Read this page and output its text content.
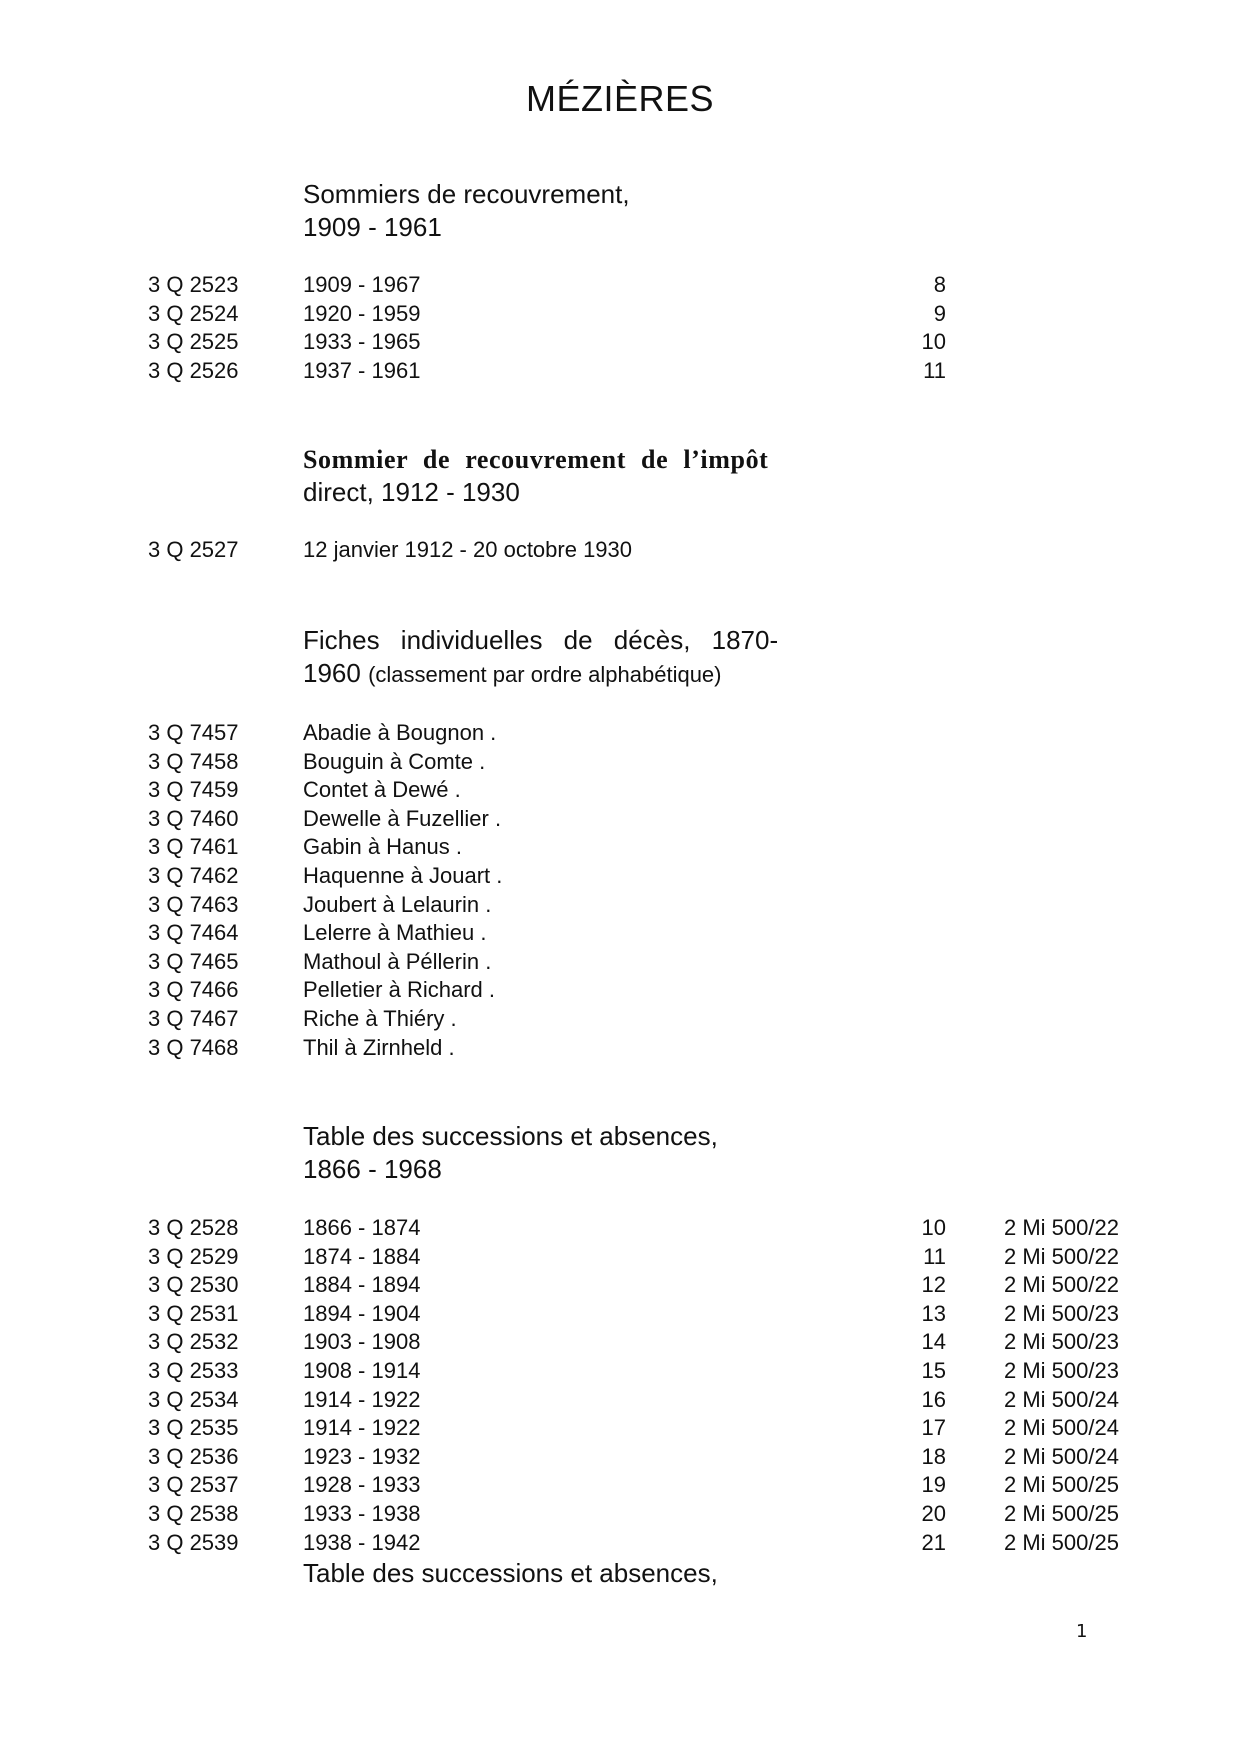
MÉZIÈRES
Sommiers de recouvrement,
1909 - 1961
3 Q 2523	1909 - 1967	8
3 Q 2524	1920 - 1959	9
3 Q 2525	1933 - 1965	10
3 Q 2526	1937 - 1961	11
Sommier de recouvrement de l’impôt
direct, 1912 - 1930
3 Q 2527	12 janvier 1912 - 20 octobre 1930
Fiches individuelles de décès, 1870-
1960 (classement par ordre alphabétique)
3 Q 7457	Abadie à Bougnon .
3 Q 7458	Bouguin à Comte .
3 Q 7459	Contet à Dewé .
3 Q 7460	Dewelle à Fuzellier .
3 Q 7461	Gabin à Hanus .
3 Q 7462	Haquenne à Jouart .
3 Q 7463	Joubert à Lelaurin .
3 Q 7464	Lelerre à Mathieu .
3 Q 7465	Mathoul à Péllerin .
3 Q 7466	Pelletier à Richard .
3 Q 7467	Riche à Thiéry .
3 Q 7468	Thil à Zirnheld .
Table des successions et absences,
1866 - 1968
3 Q 2528	1866 - 1874	10	2 Mi 500/22
3 Q 2529	1874 - 1884	11	2 Mi 500/22
3 Q 2530	1884 - 1894	12	2 Mi 500/22
3 Q 2531	1894 - 1904	13	2 Mi 500/23
3 Q 2532	1903 - 1908	14	2 Mi 500/23
3 Q 2533	1908 - 1914	15	2 Mi 500/23
3 Q 2534	1914 - 1922	16	2 Mi 500/24
3 Q 2535	1914 - 1922	17	2 Mi 500/24
3 Q 2536	1923 - 1932	18	2 Mi 500/24
3 Q 2537	1928 - 1933	19	2 Mi 500/25
3 Q 2538	1933 - 1938	20	2 Mi 500/25
3 Q 2539	1938 - 1942	21	2 Mi 500/25
Table des successions et absences,
1
